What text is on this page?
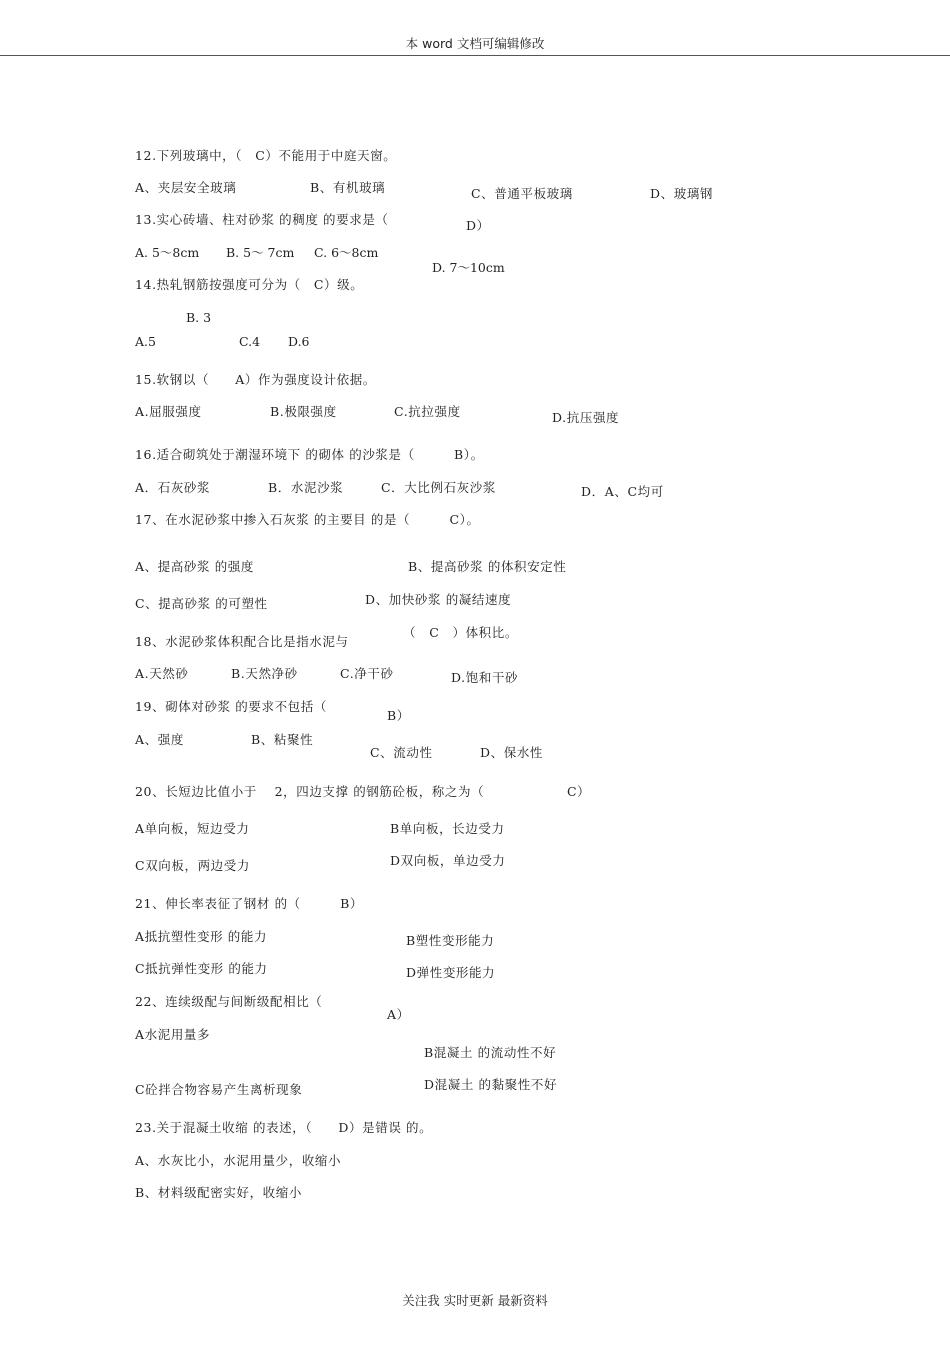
本 word 文档可编辑修改
12.下列玻璃中，（　C）不能用于中庭天窗。
A、夹层安全玻璃	B、有机玻璃	C、普通平板玻璃	D、玻璃钢
13.实心砖墙、柱对砂浆 的稠度 的要求是（	D）
A. 5～8cm B. 5～ 7cm C. 6～8cm
D. 7～10cm
14.热轧钢筋按强度可分为（　C）级。
B. 3
A.5	C.4 D.6
15.软钢以（　　A）作为强度设计依据。
A.屈服强度	B.极限强度	C.抗拉强度	D.抗压强度
16.适合砌筑处于潮湿环境下 的砌体 的沙浆是（　　　B）。
A．石灰砂浆	B．水泥沙浆	C．大比例石灰沙浆	D．A、C均可
17、在水泥砂浆中掺入石灰浆 的主要目 的是（　　　C）。
A、提高砂浆 的强度	B、提高砂浆 的体积安定性
C、提高砂浆 的可塑性	D、加快砂浆 的凝结速度
18、水泥砂浆体积配合比是指水泥与
（　C　）体积比。
A.天然砂	B.天然净砂	C.净干砂	D.饱和干砂
19、砌体对砂浆 的要求不包括（
B）
A、强度	B、粘聚性
C、流动性	D、保水性
20、长短边比值小于　 2，四边支撑 的钢筋砼板，称之为（	C）
A单向板，短边受力	B单向板，长边受力
C双向板，两边受力	D双向板，单边受力
21、伸长率表征了钢材 的（　　　B）
A抵抗塑性变形 的能力	B塑性变形能力
C抵抗弹性变形 的能力	D弹性变形能力
22、连续级配与间断级配相比（
A）
A水泥用量多
B混凝土 的流动性不好
C砼拌合物容易产生离析现象	D混凝土 的黏聚性不好
23.关于混凝土收缩 的表述，（　　D）是错误 的。
A、水灰比小，水泥用量少，收缩小
B、材料级配密实好，收缩小
关注我 实时更新 最新资料
